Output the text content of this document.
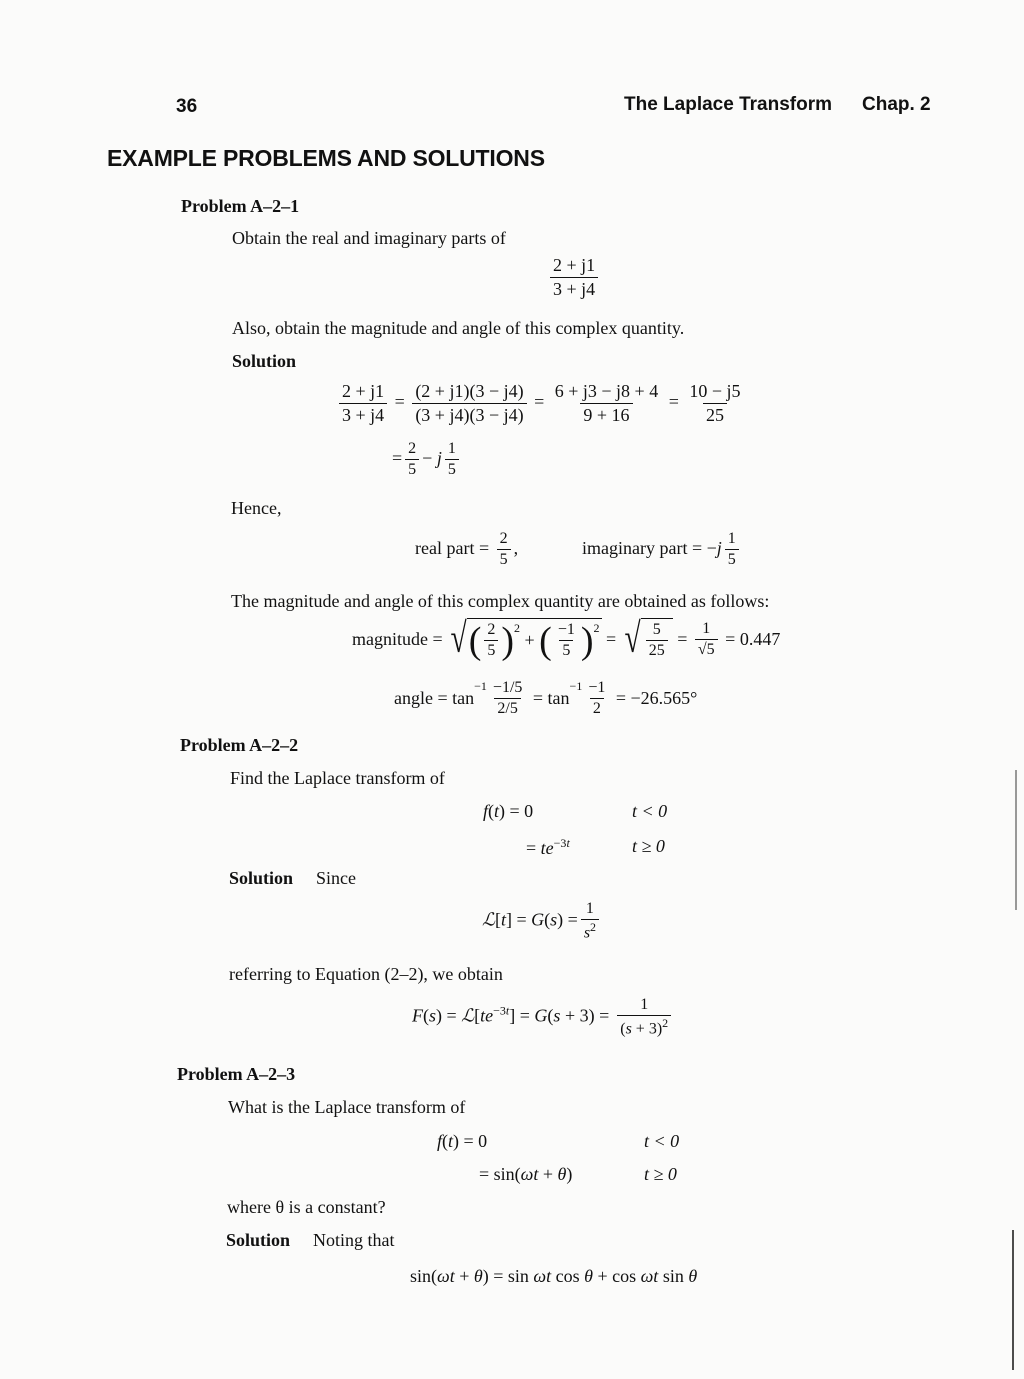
36	The Laplace Transform Chap. 2
EXAMPLE PROBLEMS AND SOLUTIONS
Problem A–2–1
Obtain the real and imaginary parts of
$\frac{2 + j1}{3 + j4}$
Also, obtain the magnitude and angle of this complex quantity.
Solution
$\frac{2 + j1}{3 + j4} = \frac{(2 + j1)(3 - j4)}{(3 + j4)(3 - j4)} = \frac{6 + j3 - j8 + 4}{9 + 16} = \frac{10 - j5}{25}$
= $\frac{2}{5} - j \frac{1}{5}$
Hence,
real part = $\frac{2}{5}$ ,	imaginary part = $-j \frac{1}{5}$
The magnitude and angle of this complex quantity are obtained as follows:
magnitude = √ ( $\frac{2}{5} )^2$
+ ( $\frac{-1}{5} )^2$
= √ $\frac{5}{25} = \frac{1}{√5} = 0.447$
angle = tan
$^{-1} \frac{-1/5}{2/5} = \tan$
$^{-1} \frac{-1}{2} = -26.565^\circ$
Problem A–2–2
Find the Laplace transform of
f(t) = 0	t < 0
= $te^{-3t}$	t ≥ 0
Solution Since
ℒ[t] = $G(s) = \frac{1}{s^2}$
referring to Equation (2–2), we obtain
$F(s) = ℒ[te^{-3t}] = G(s + 3) = \frac{1}{(s + 3)^2}$
Problem A–2–3
What is the Laplace transform of
f(t) = 0	t < 0
= sin(ωt + θ)	t ≥ 0
where θ is a constant?
Solution Noting that
sin(ωt + θ) = sin ωt cos θ + cos ωt sin θ
